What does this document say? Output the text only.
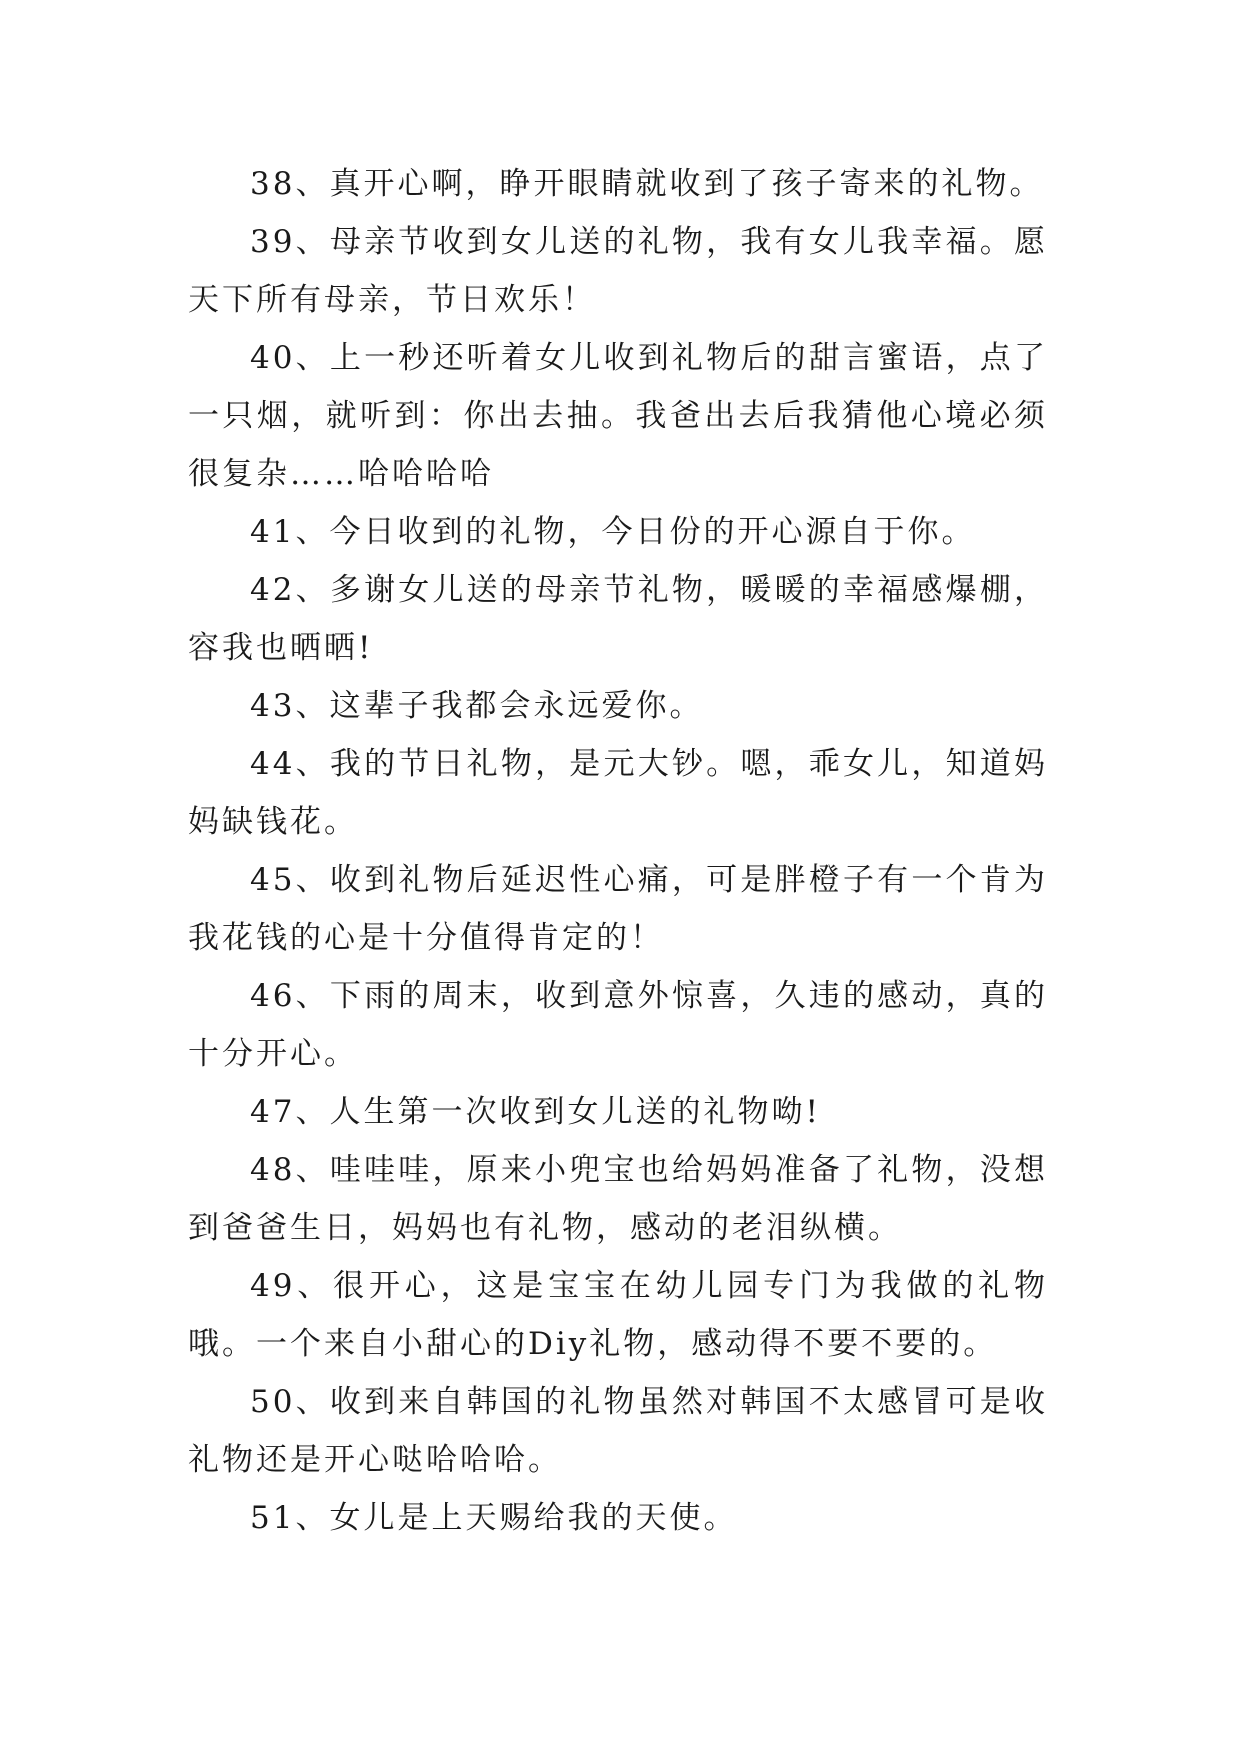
38、真开心啊，睁开眼睛就收到了孩子寄来的礼物。

39、母亲节收到女儿送的礼物，我有女儿我幸福。愿天下所有母亲，节日欢乐！

40、上一秒还听着女儿收到礼物后的甜言蜜语，点了一只烟，就听到：你出去抽。我爸出去后我猜他心境必须很复杂……哈哈哈哈

41、今日收到的礼物，今日份的开心源自于你。

42、多谢女儿送的母亲节礼物，暖暖的幸福感爆棚，容我也晒晒!

43、这辈子我都会永远爱你。

44、我的节日礼物，是元大钞。嗯，乖女儿，知道妈妈缺钱花。

45、收到礼物后延迟性心痛，可是胖橙子有一个肯为我花钱的心是十分值得肯定的！

46、下雨的周末，收到意外惊喜，久违的感动，真的十分开心。

47、人生第一次收到女儿送的礼物呦!

48、哇哇哇，原来小兜宝也给妈妈准备了礼物，没想到爸爸生日，妈妈也有礼物，感动的老泪纵横。

49、很开心，这是宝宝在幼儿园专门为我做的礼物哦。一个来自小甜心的Diy礼物，感动得不要不要的。

50、收到来自韩国的礼物虽然对韩国不太感冒可是收礼物还是开心哒哈哈哈。

51、女儿是上天赐给我的天使。
